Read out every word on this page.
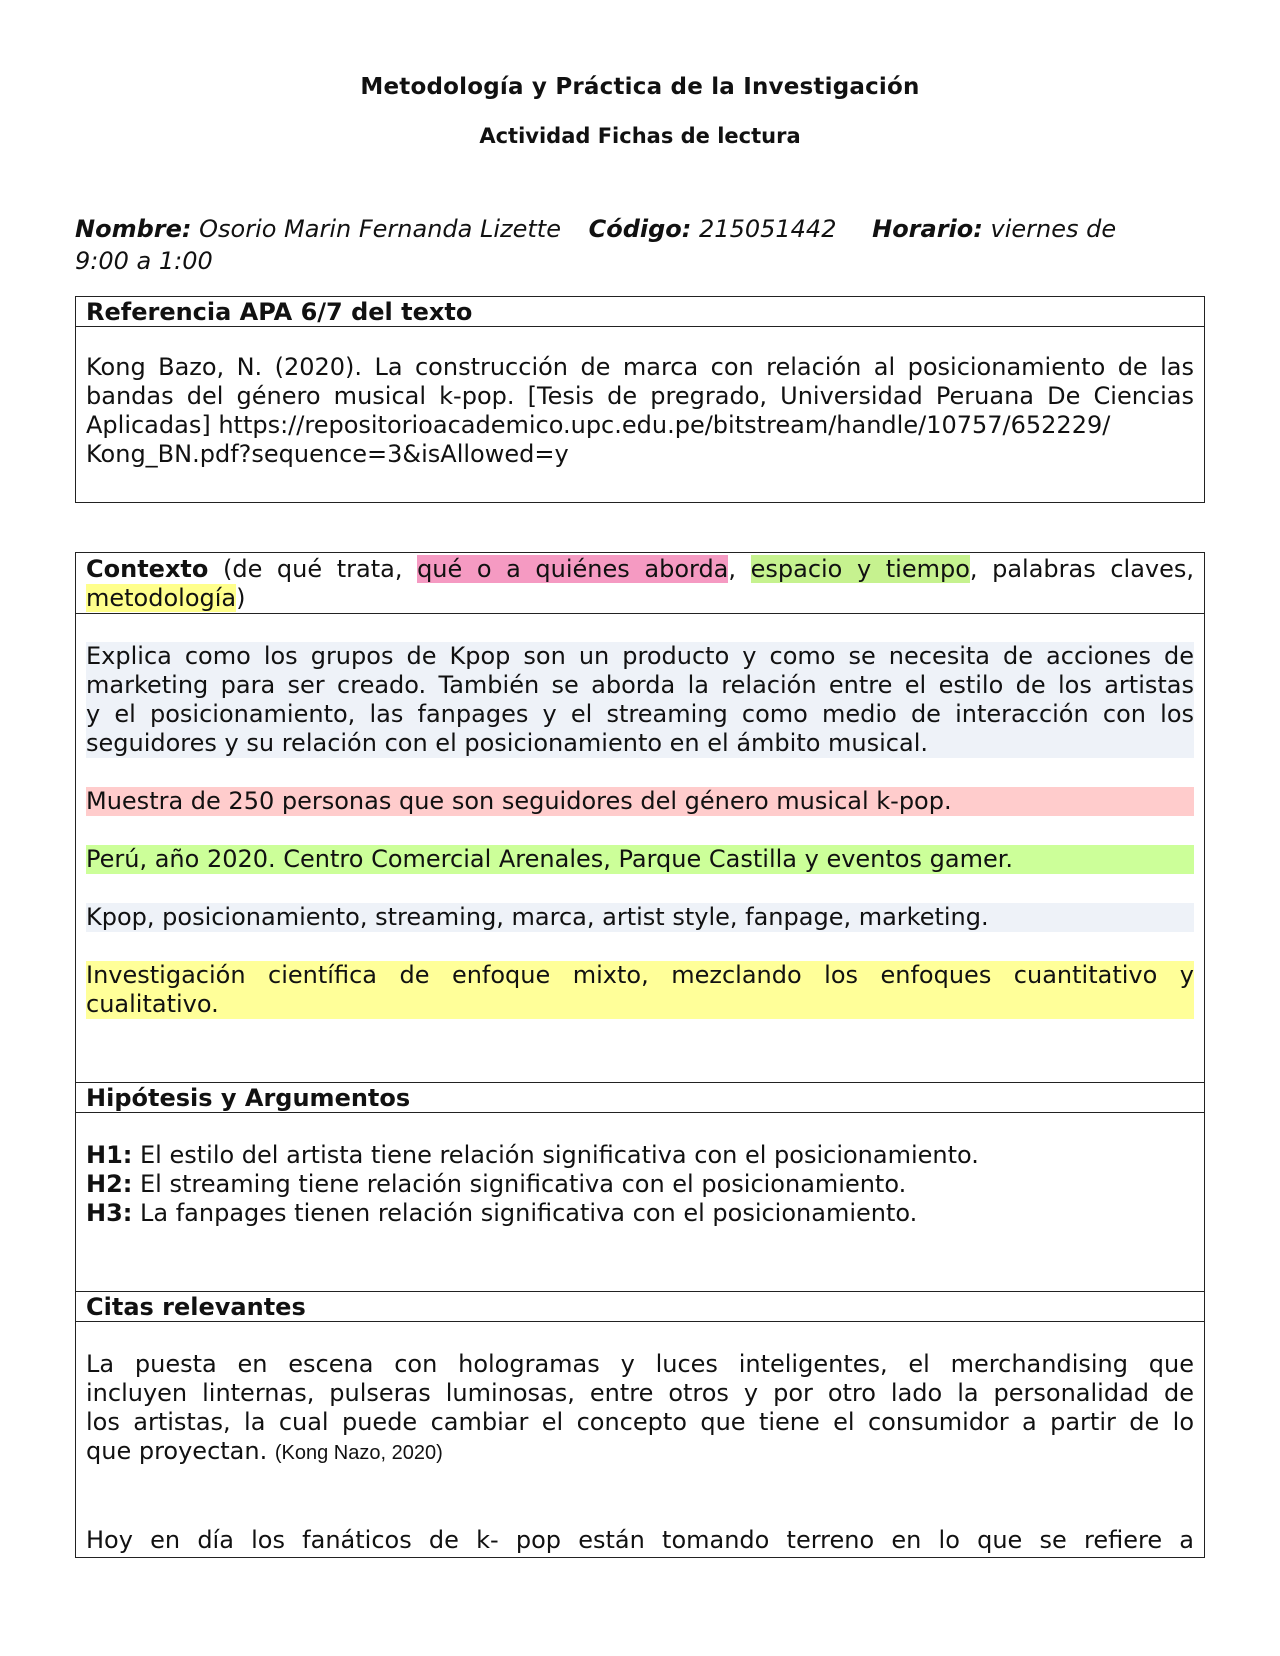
Metodología y Práctica de la Investigación
Actividad Fichas de lectura
Nombre: Osorio Marin Fernanda Lizette Código: 215051442 Horario: viernes de
9:00 a 1:00
Referencia APA 6/7 del texto
Kong Bazo, N. (2020). La construcción de marca con relación al posicionamiento de las
bandas del género musical k-pop. [Tesis de pregrado, Universidad Peruana De Ciencias
Aplicadas] https://repositorioacademico.upc.edu.pe/bitstream/handle/10757/652229/
Kong_BN.pdf?sequence=3&isAllowed=y
Contexto (de qué trata, qué o a quiénes aborda, espacio y tiempo, palabras claves,
metodología)
Explica como los grupos de Kpop son un producto y como se necesita de acciones de
marketing para ser creado. También se aborda la relación entre el estilo de los artistas
y el posicionamiento, las fanpages y el streaming como medio de interacción con los
seguidores y su relación con el posicionamiento en el ámbito musical.
Muestra de 250 personas que son seguidores del género musical k-pop.
Perú, año 2020. Centro Comercial Arenales, Parque Castilla y eventos gamer.
Kpop, posicionamiento, streaming, marca, artist style, fanpage, marketing.
Investigación científica de enfoque mixto, mezclando los enfoques cuantitativo y
cualitativo.
Hipótesis y Argumentos
H1: El estilo del artista tiene relación significativa con el posicionamiento.
H2: El streaming tiene relación significativa con el posicionamiento.
H3: La fanpages tienen relación significativa con el posicionamiento.
Citas relevantes
La puesta en escena con hologramas y luces inteligentes, el merchandising que
incluyen linternas, pulseras luminosas, entre otros y por otro lado la personalidad de
los artistas, la cual puede cambiar el concepto que tiene el consumidor a partir de lo
que proyectan. (Kong Nazo, 2020)
Hoy en día los fanáticos de k- pop están tomando terreno en lo que se refiere a
